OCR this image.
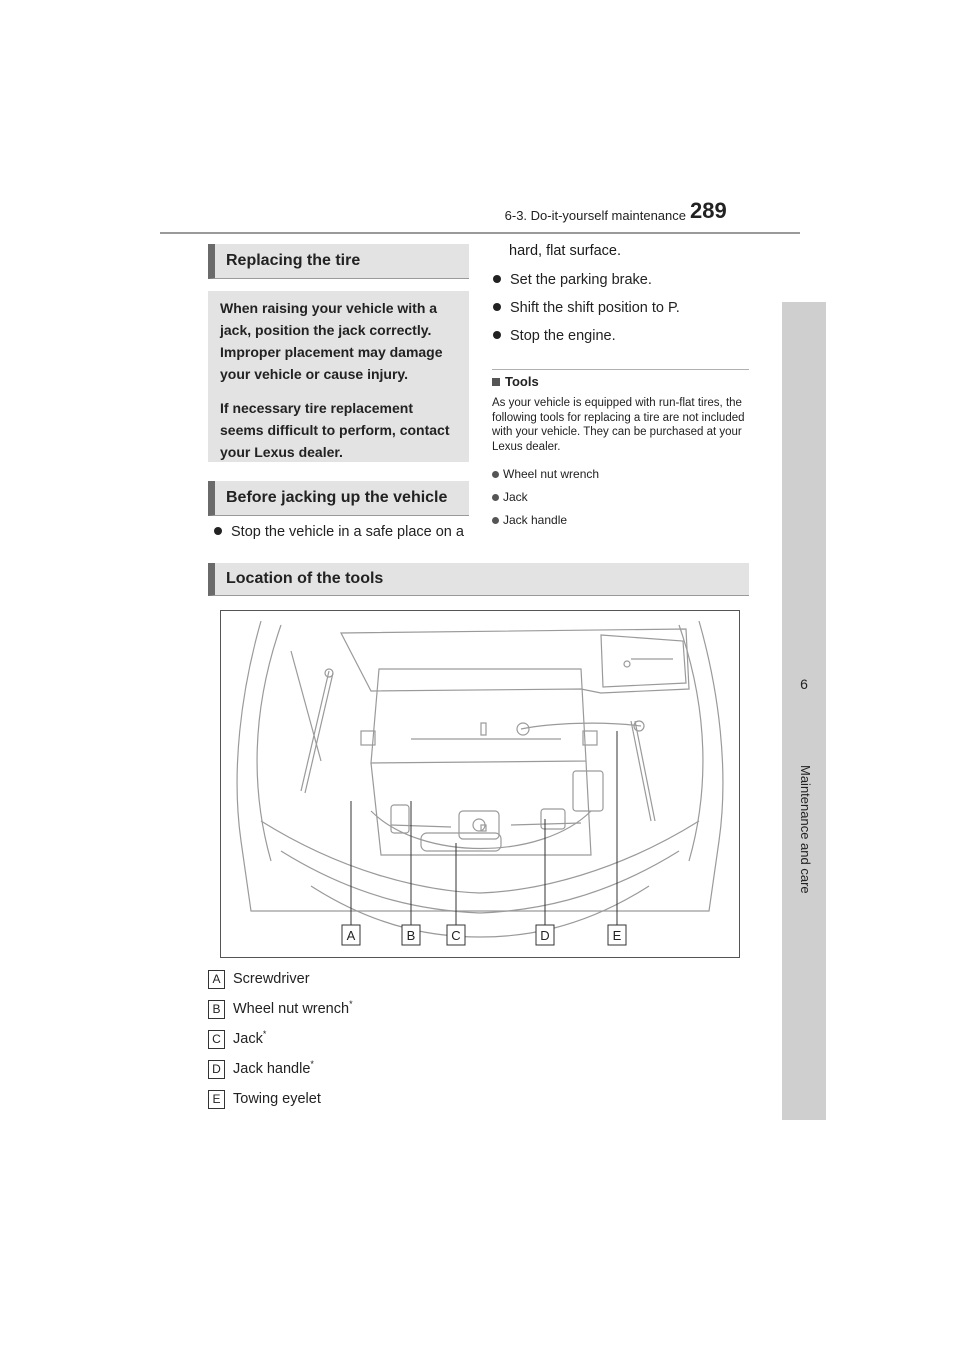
6-3. Do-it-yourself maintenance 289
6
Maintenance and care
Replacing the tire

When raising your vehicle with a jack, position the jack correctly. Improper placement may damage your vehicle or cause injury.

If necessary tire replacement seems difficult to perform, contact your Lexus dealer.

Before jacking up the vehicle
Stop the vehicle in a safe place on a
hard, flat surface.
Set the parking brake.
Shift the shift position to P.
Stop the engine.
Tools
As your vehicle is equipped with run-flat tires, the following tools for replacing a tire are not included with your vehicle. They can be purchased at your Lexus dealer.
Wheel nut wrench
Jack
Jack handle
Location of the tools
A	B	C	D	E
A Screwdriver
B Wheel nut wrench*
C Jack*
D Jack handle*
E Towing eyelet
